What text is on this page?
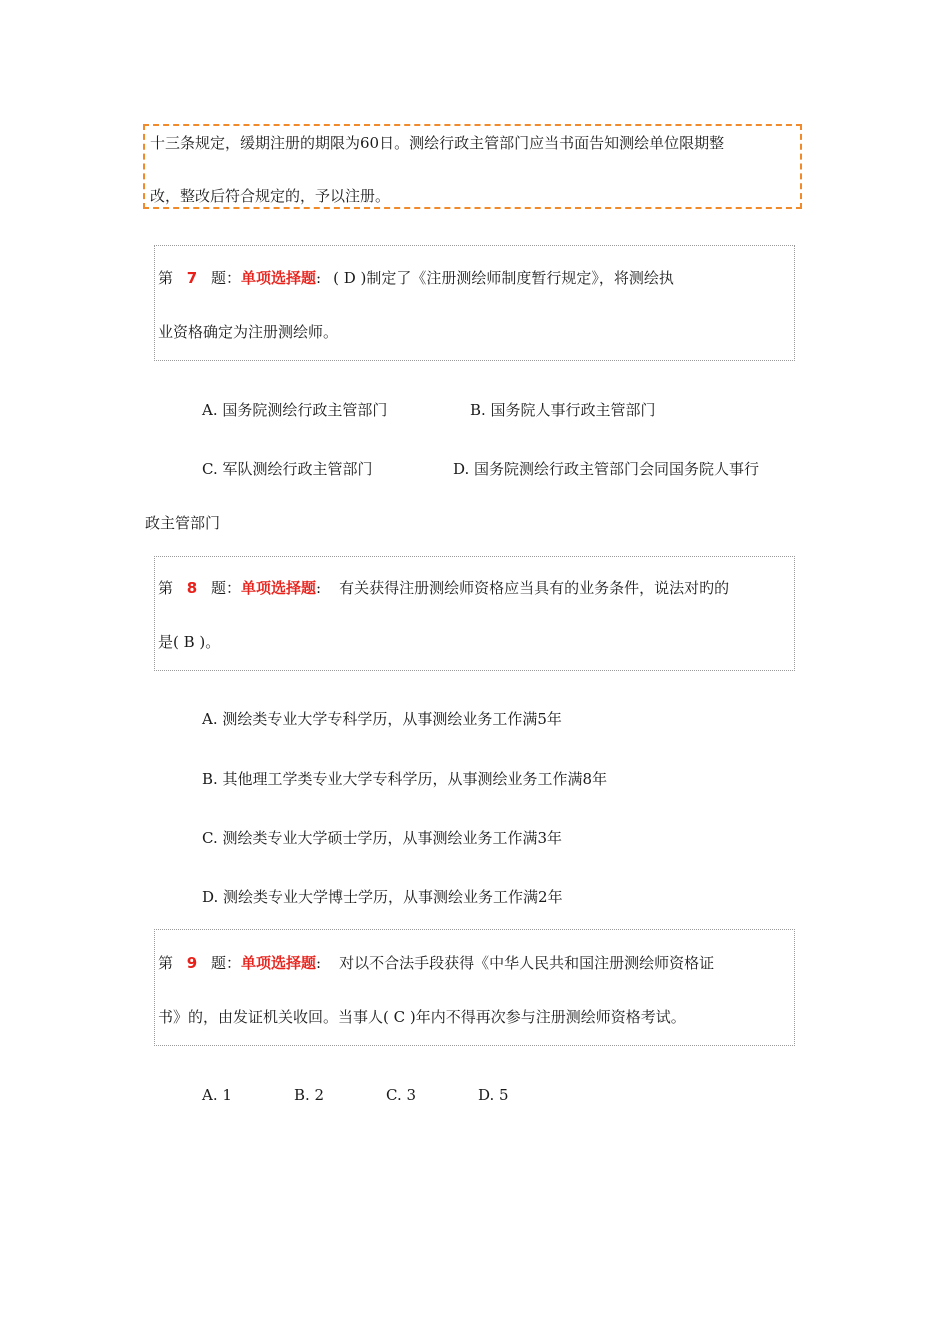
十三条规定，缓期注册的期限为60日。测绘行政主管部门应当书面告知测绘单位限期整
改，整改后符合规定的，予以注册。
第 7 题：单项选择题: ( D )制定了《注册测绘师制度暂行规定》，将测绘执
业资格确定为注册测绘师。
A. 国务院测绘行政主管部门	B. 国务院人事行政主管部门
C. 军队测绘行政主管部门	D. 国务院测绘行政主管部门会同国务院人事行
政主管部门
第 8 题：单项选择题: 有关获得注册测绘师资格应当具有的业务条件，说法对旳的
是( B )。
A. 测绘类专业大学专科学历，从事测绘业务工作满5年
B. 其他理工学类专业大学专科学历，从事测绘业务工作满8年
C. 测绘类专业大学硕士学历，从事测绘业务工作满3年
D. 测绘类专业大学博士学历，从事测绘业务工作满2年
第 9 题：单项选择题: 对以不合法手段获得《中华人民共和国注册测绘师资格证
书》的，由发证机关收回。当事人( C )年内不得再次参与注册测绘师资格考试。
A. 1	B. 2	C. 3	D. 5
